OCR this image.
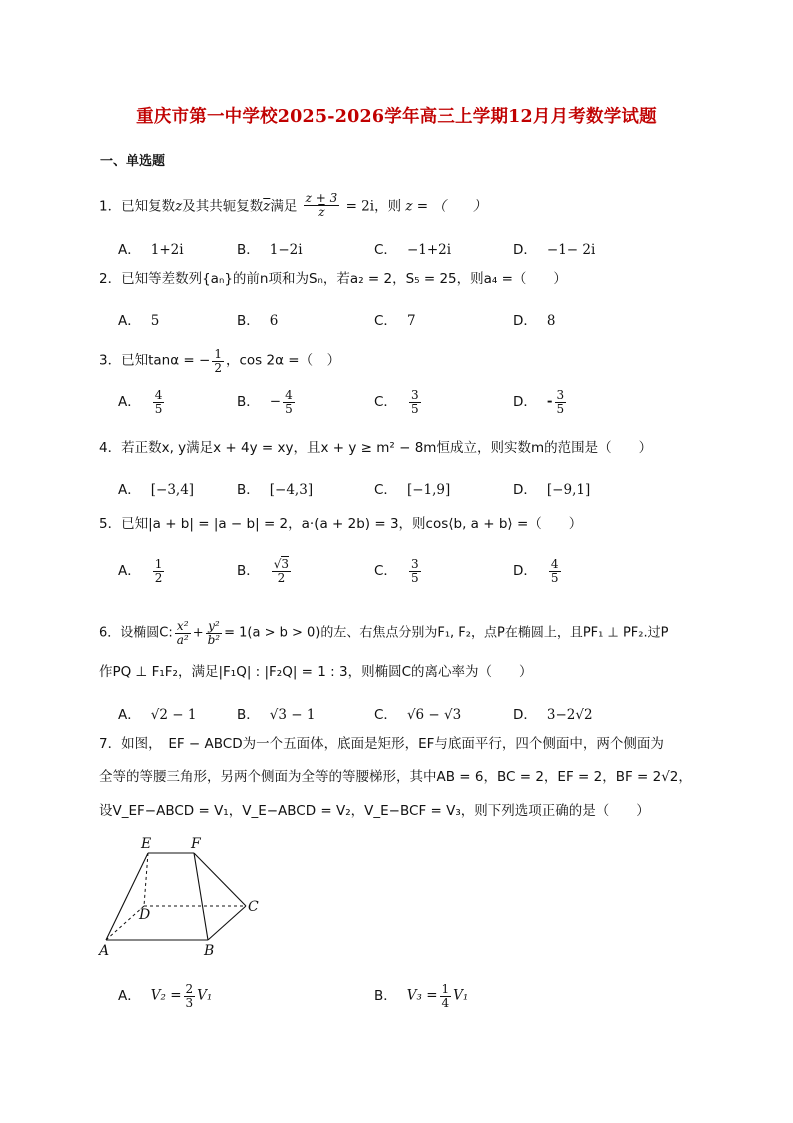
重庆市第一中学校2025-2026学年高三上学期12月月考数学试题
一、单选题
1．已知复数z及其共轭复数$\overline{z}$满足 $\frac{z + 3}{z} = 2i$，则 z = （　　）
A． 1+2i	B． 1−2i	C． −1+2i	D． −1− 2i
2．已知等差数列{aₙ}的前n项和为Sₙ，若a₂ = 2，S₅ = 25，则a₄ =（　　）
A． 5	B． 6	C． 7	D． 8
3．已知tanα = − $\frac{1}{2}$ ，cos 2α =（　）
A． $\frac{4}{5}$	B． − $\frac{4}{5}$	C． $\frac{3}{5}$	D． - $\frac{3}{5}$
4．若正数x, y满足x + 4y = xy，且x + y ≥ m² − 8m恒成立，则实数m的范围是（　　）
A． [−3,4]	B． [−4,3]	C． [−1,9]	D． [−9,1]
5．已知|a + b| = |a − b| = 2，a·(a + 2b) = 3，则cos⟨b, a + b⟩ =（　　）
A． $\frac{1}{2}$	B． $\frac{√3}{2}$	C． $\frac{3}{5}$	D． $\frac{4}{5}$
6．设椭圆C: $\frac{\text{x²}}{\text{a²}} + \frac{\text{y²}}{\text{b²}} = 1(a > b > 0)$的左、右焦点分别为F₁, F₂，点P在椭圆上，且PF₁ ⊥ PF₂.过P
作PQ ⊥ F₁F₂，满足|F₁Q| : |F₂Q| = 1 : 3，则椭圆C的离心率为（　　）
A． √2 − 1	B． √3 − 1	C． √6 − √3	D． 3−2√2
7．如图，　EF − ABCD为一个五面体，底面是矩形，EF与底面平行，四个侧面中，两个侧面为
全等的等腰三角形，另两个侧面为全等的等腰梯形，其中AB = 6，BC = 2，EF = 2，BF = 2√2，
设V_EF−ABCD = V₁，V_E−ABCD = V₂，V_E−BCF = V₃，则下列选项正确的是（　　）
E	F
D	C
A	B
A． $V_2 = \frac{2}{3} V_1$	B． $V_3 = \frac{1}{4} V_1$
